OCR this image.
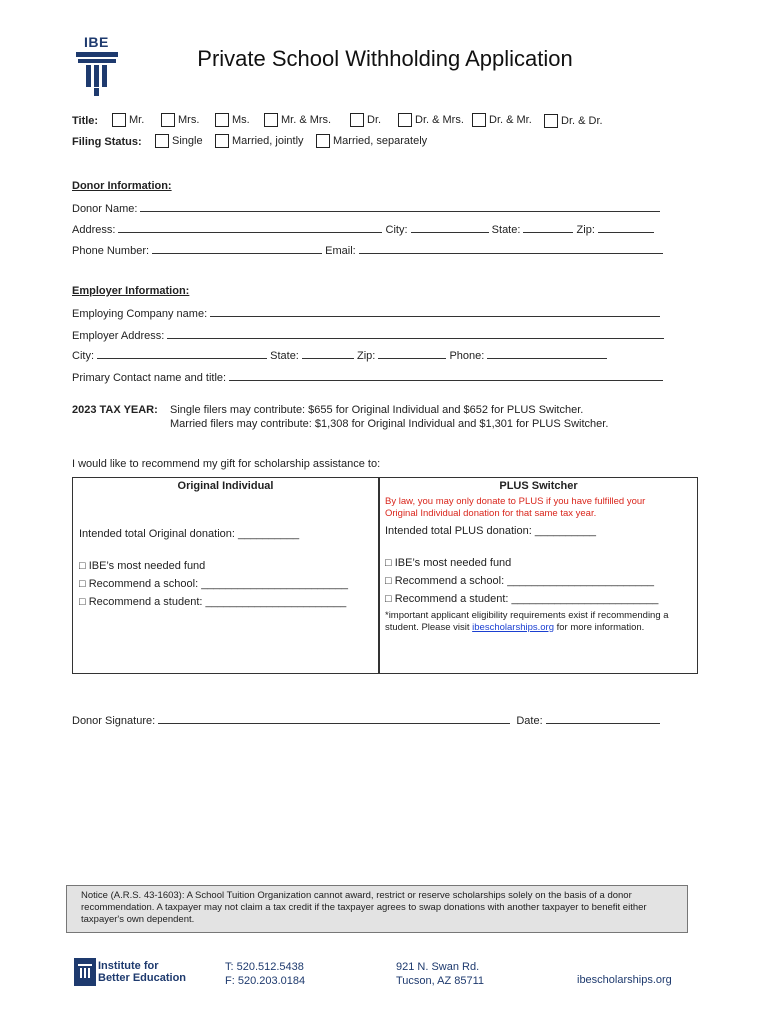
IBE
Private School Withholding Application
Title:	Mr.	Mrs.	Ms.	Mr. & Mrs.	Dr.	Dr. & Mrs.	Dr. & Mr.	Dr. & Dr.
Filing Status:	Single	Married, jointly	Married, separately
Donor Information:
Donor Name:
Address:	City:	State:	Zip:
Phone Number:	Email:
Employer Information:
Employing Company name:
Employer Address:
City:	State:	Zip:	Phone:
Primary Contact name and title:
2023 TAX YEAR: Single filers may contribute: $655 for Original Individual and $652 for PLUS Switcher.
Married filers may contribute: $1,308 for Original Individual and $1,301 for PLUS Switcher.
I would like to recommend my gift for scholarship assistance to:
Original Individual
Intended total Original donation: __________
□ IBE’s most needed fund
□ Recommend a school: ________________________
□ Recommend a student: _______________________
PLUS Switcher
By law, you may only donate to PLUS if you have fulfilled your
Original Individual donation for that same tax year.
Intended total PLUS donation: __________
□ IBE’s most needed fund
□ Recommend a school: ________________________
□ Recommend a student: ________________________
*important applicant eligibility requirements exist if recommending a
student. Please visit ibescholarships.org for more information.
Donor Signature:	Date:
Notice (A.R.S. 43-1603): A School Tuition Organization cannot award, restrict or reserve scholarships solely on the basis of a donor recommendation. A taxpayer may not claim a tax credit if the taxpayer agrees to swap donations with another taxpayer to benefit either taxpayer's own dependent.
Institute for
Better Education
T: 520.512.5438
F: 520.203.0184
921 N. Swan Rd.
Tucson, AZ 85711	ibescholarships.org
